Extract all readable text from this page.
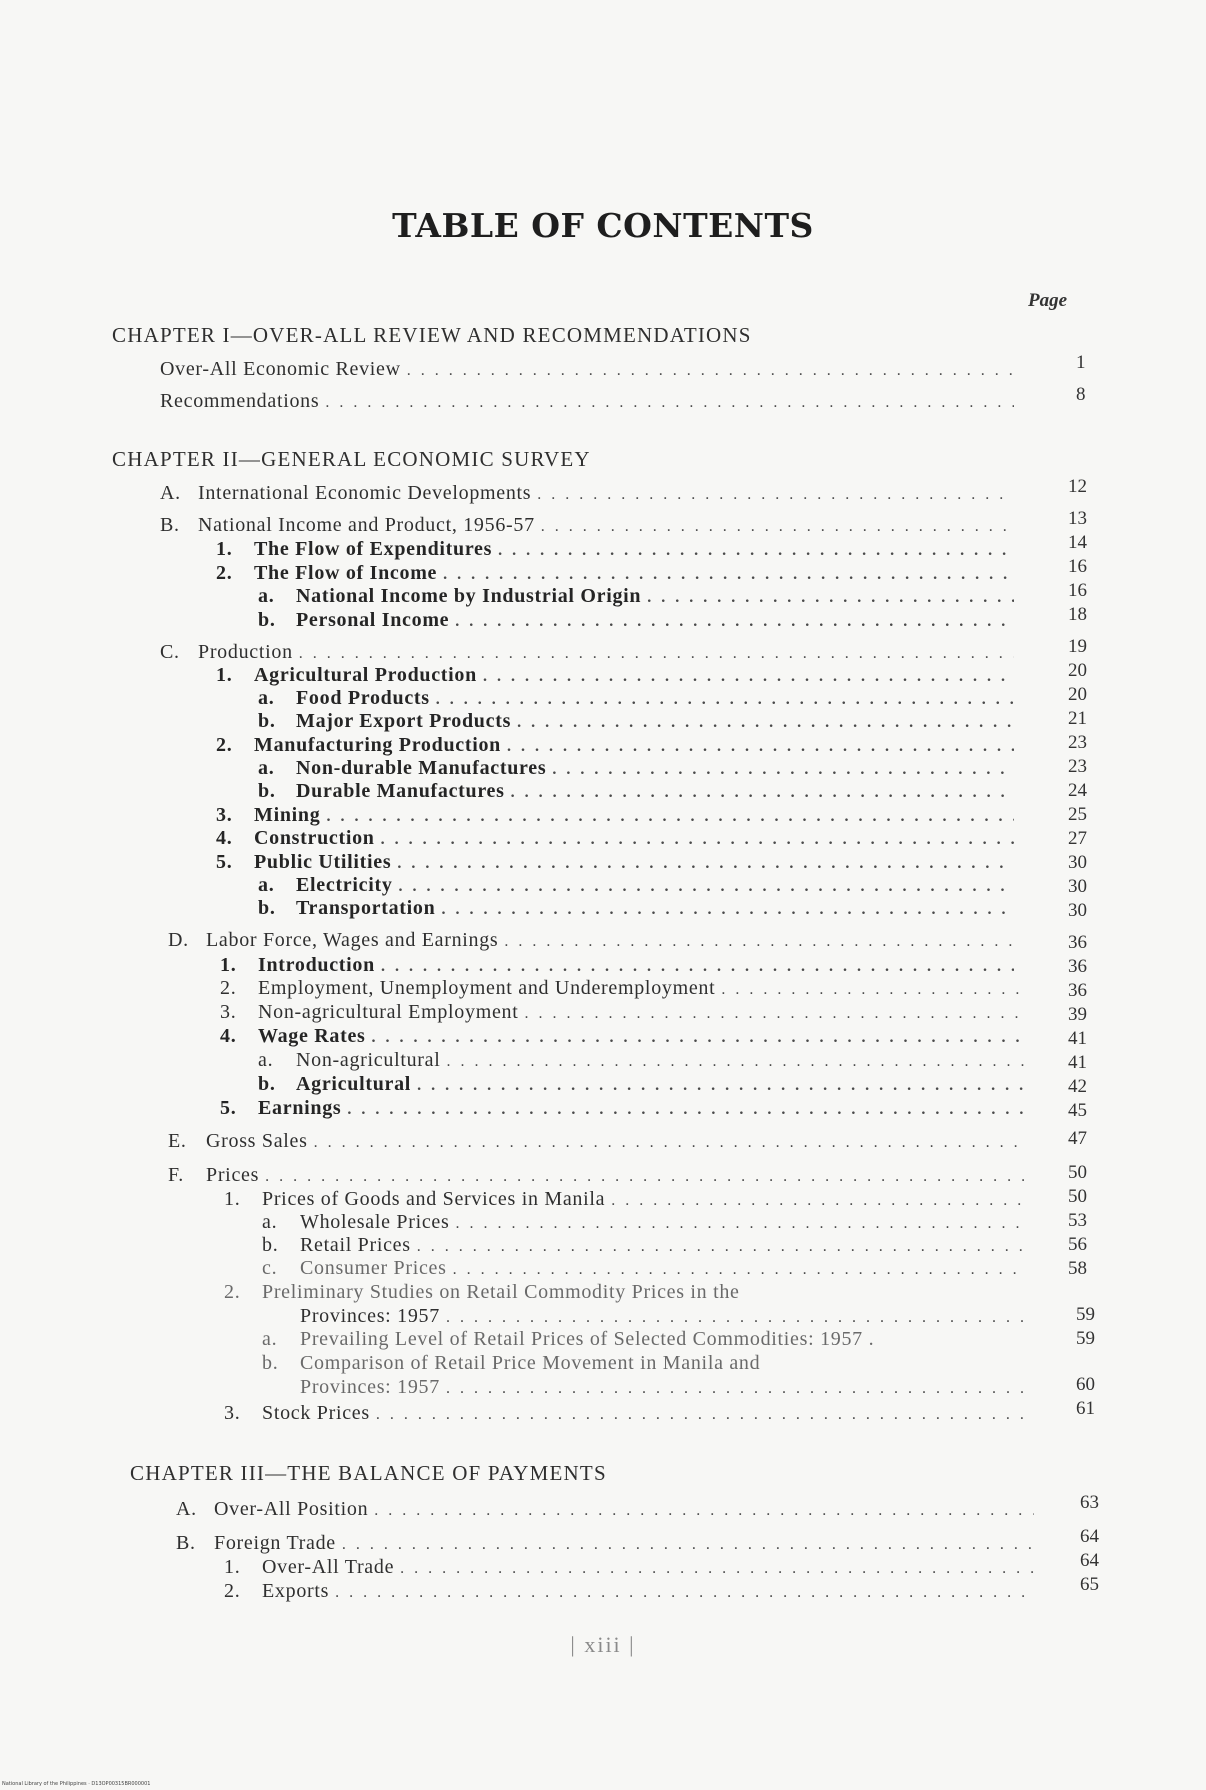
TABLE OF CONTENTS
Page
CHAPTER I—OVER-ALL REVIEW AND RECOMMENDATIONS
Over-All Economic Review . . .	1
Recommendations . . .	8
CHAPTER II—GENERAL ECONOMIC SURVEY
A. International Economic Developments . . .	12
B. National Income and Product, 1956-57 . . .	13
1.	The Flow of Expenditures . . .	14
2.	The Flow of Income . . .	16
a.	National Income by Industrial Origin . . .	16
b.	Personal Income . . .	18
C. Production . . .	19
1.	Agricultural Production . . .	20
a.	Food Products . . .	20
b.	Major Export Products . . .	21
2.	Manufacturing Production . . .	23
a.	Non-durable Manufactures . . .	23
b.	Durable Manufactures . . .	24
3.	Mining . . .	25
4.	Construction . . .	27
5.	Public Utilities . . .	30
a.	Electricity . . .	30
b.	Transportation . . .	30
D. Labor Force, Wages and Earnings . . .	36
1.	Introduction . . .	36
2.	Employment, Unemployment and Underemployment . . .	36
3.	Non-agricultural Employment . . .	39
4.	Wage Rates . . .	41
a.	Non-agricultural . . .	41
b.	Agricultural . . .	42
5.	Earnings . . .	45
E. Gross Sales . . .	47
F.	Prices . . .	50
1.	Prices of Goods and Services in Manila . . .	50
a.	Wholesale Prices . . .	53
b.	Retail Prices . . .	56
c.	Consumer Prices . . .	58
2.	Preliminary Studies on Retail Commodity Prices in the
Provinces: 1957 . . .	59
a.	Prevailing Level of Retail Prices of Selected Commodities: 1957 .	59
b.	Comparison of Retail Price Movement in Manila and
Provinces: 1957 . . .	60
3.	Stock Prices . . .	61
CHAPTER III—THE BALANCE OF PAYMENTS
A. Over-All Position . . .	63
B. Foreign Trade . . .	64
1.	Over-All Trade . . .	64
2.	Exports . . .	65
| xiii |
National Library of the Philippines · D13OP00315BR000001
